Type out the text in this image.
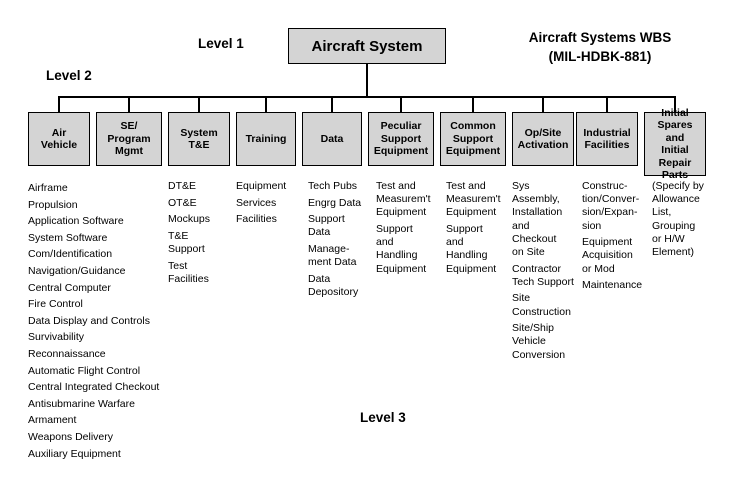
Aircraft Systems WBS
(MIL-HDBK-881)
Level 1
Level 2
Level 3
Aircraft System
Air
Vehicle
SE/
Program
Mgmt
System
T&E
Training	Data
Peculiar
Support
Equipment
Common
Support
Equipment
Op/Site
Activation
Industrial
Facilities
Initial
Spares and
Initial
Repair
Parts
Airframe
Propulsion
Application Software
System Software
Com/Identification
Navigation/Guidance
Central Computer
Fire Control
Data Display and Controls
Survivability
Reconnaissance
Automatic Flight Control
Central Integrated Checkout
Antisubmarine Warfare
Armament
Weapons Delivery
Auxiliary Equipment
DT&E
OT&E
Mockups
T&E
Support
Test
Facilities
Equipment
Services
Facilities
Tech Pubs
Engrg Data
Support
Data
Manage-
ment Data
Data
Depository
Test and
Measurem't
Equipment
Support
and
Handling
Equipment
Test and
Measurem't
Equipment
Support
and
Handling
Equipment
Sys
Assembly,
Installation
and
Checkout
on Site
Contractor
Tech Support
Site
Construction
Site/Ship
Vehicle
Conversion
Construc-
tion/Conver-
sion/Expan-
sion
Equipment
Acquisition
or Mod
Maintenance
(Specify by
Allowance
List,
Grouping
or H/W
Element)
